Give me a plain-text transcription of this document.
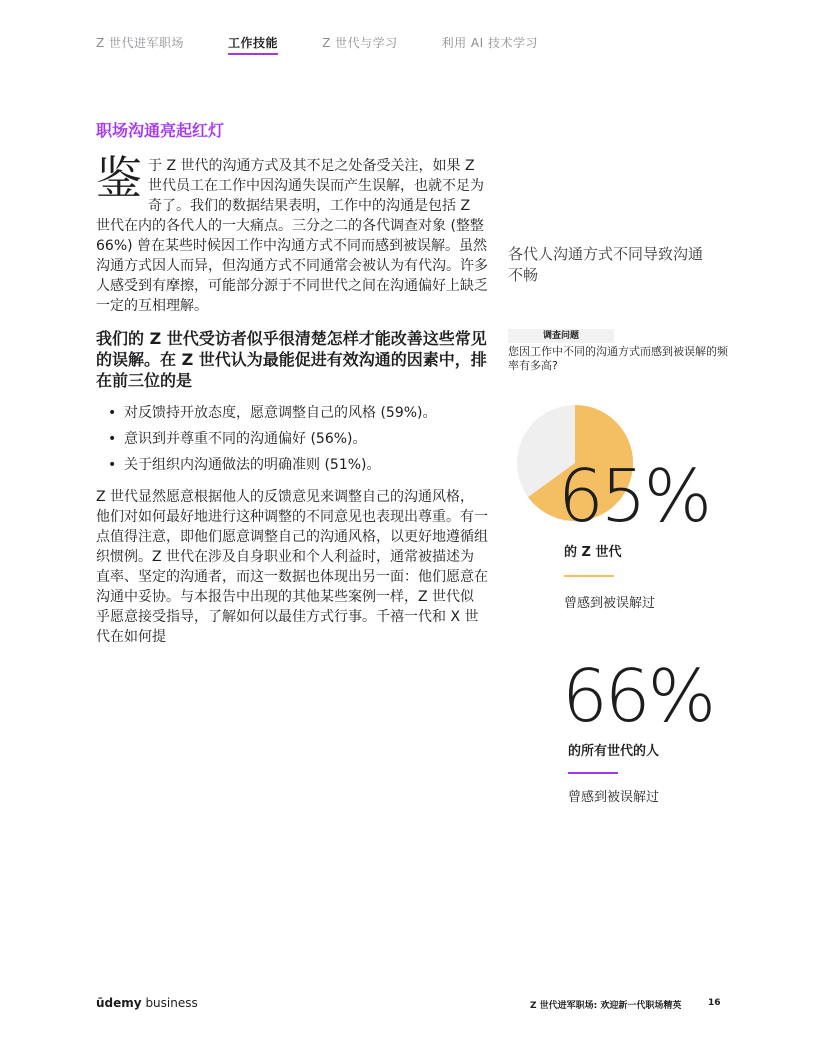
Z 世代进军职场	工作技能	Z 世代与学习	利用 AI 技术学习
职场沟通亮起红灯

鉴于 Z 世代的沟通方式及其不足之处备受关注，如果 Z 世代员工在工作中因沟通失误而产生误解，也就不足为奇了。我们的数据结果表明，工作中的沟通是包括 Z 世代在内的各代人的一大痛点。三分之二的各代调查对象 (整整 66%) 曾在某些时候因工作中沟通方式不同而感到被误解。虽然沟通方式因人而异，但沟通方式不同通常会被认为有代沟。许多人感受到有摩擦，可能部分源于不同世代之间在沟通偏好上缺乏一定的互相理解。

我们的 Z 世代受访者似乎很清楚怎样才能改善这些常见的误解。在 Z 世代认为最能促进有效沟通的因素中，排在前三位的是

• 对反馈持开放态度，愿意调整自己的风格 (59%)。
• 意识到并尊重不同的沟通偏好 (56%)。
• 关于组织内沟通做法的明确准则 (51%)。

Z 世代显然愿意根据他人的反馈意见来调整自己的沟通风格，他们对如何最好地进行这种调整的不同意见也表现出尊重。有一点值得注意，即他们愿意调整自己的沟通风格，以更好地遵循组织惯例。Z 世代在涉及自身职业和个人利益时，通常被描述为直率、坚定的沟通者，而这一数据也体现出另一面：他们愿意在沟通中妥协。与本报告中出现的其他某些案例一样，Z 世代似乎愿意接受指导，了解如何以最佳方式行事。千禧一代和 X 世代在如何提

各代人沟通方式不同导致沟通不畅
调查问题
您因工作中不同的沟通方式而感到被误解的频率有多高?
65%
的 Z 世代
曾感到被误解过
66%
的所有世代的人
曾感到被误解过
ūdemy business	Z 世代进军职场: 欢迎新一代职场精英	16
